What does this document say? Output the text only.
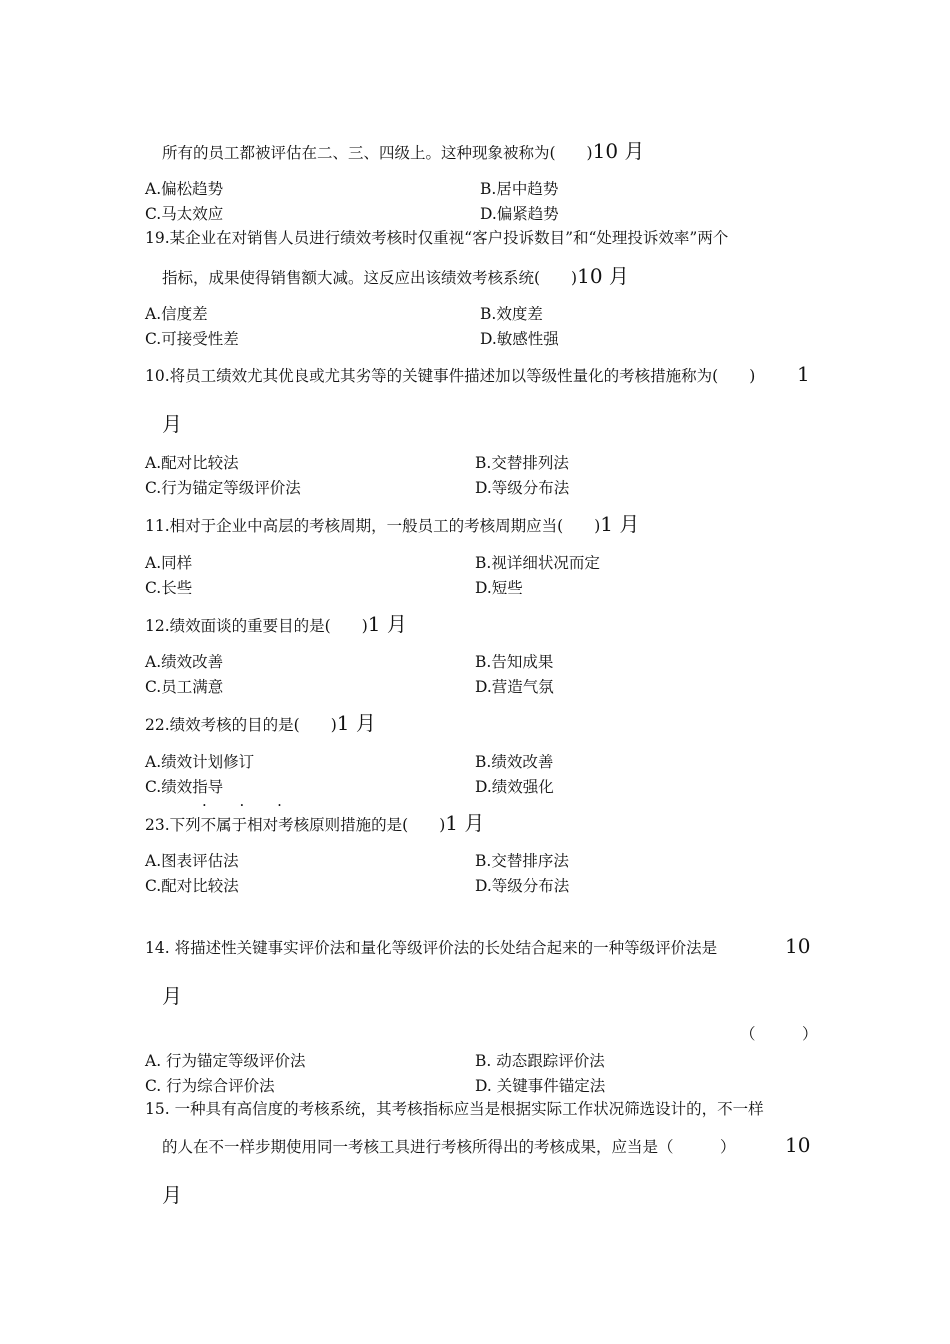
所有的员工都被评估在二、三、四级上。这种现象被称为(　　)10 月
A.偏松趋势	B.居中趋势
C.马太效应	D.偏紧趋势
19.某企业在对销售人员进行绩效考核时仅重视“客户投诉数目”和“处理投诉效率”两个
指标，成果使得销售额大减。这反应出该绩效考核系统(　　)10 月
A.信度差	B.效度差
C.可接受性差	D.敏感性强
10.将员工绩效尤其优良或尤其劣等的关键事件描述加以等级性量化的考核措施称为(　　) 1
月
A.配对比较法	B.交替排列法
C.行为锚定等级评价法	D.等级分布法
11.相对于企业中高层的考核周期，一般员工的考核周期应当(　　)1 月
A.同样	B.视详细状况而定
C.长些	D.短些
12.绩效面谈的重要目的是(　　)1 月
A.绩效改善	B.告知成果
C.员工满意	D.营造气氛
22.绩效考核的目的是(　　)1 月
A.绩效计划修订	B.绩效改善
C.绩效指导	D.绩效强化
· · ·
23.下列不属于相对考核原则措施的是(　　)1 月
A.图表评估法	B.交替排序法
C.配对比较法	D.等级分布法
14. 将描述性关键事实评价法和量化等级评价法的长处结合起来的一种等级评价法是	10
月
（　　　）
A. 行为锚定等级评价法	B. 动态跟踪评价法
C. 行为综合评价法	D. 关键事件锚定法
15. 一种具有高信度的考核系统，其考核指标应当是根据实际工作状况筛选设计的，不一样
的人在不一样步期使用同一考核工具进行考核所得出的考核成果，应当是（　　　） 10
月
